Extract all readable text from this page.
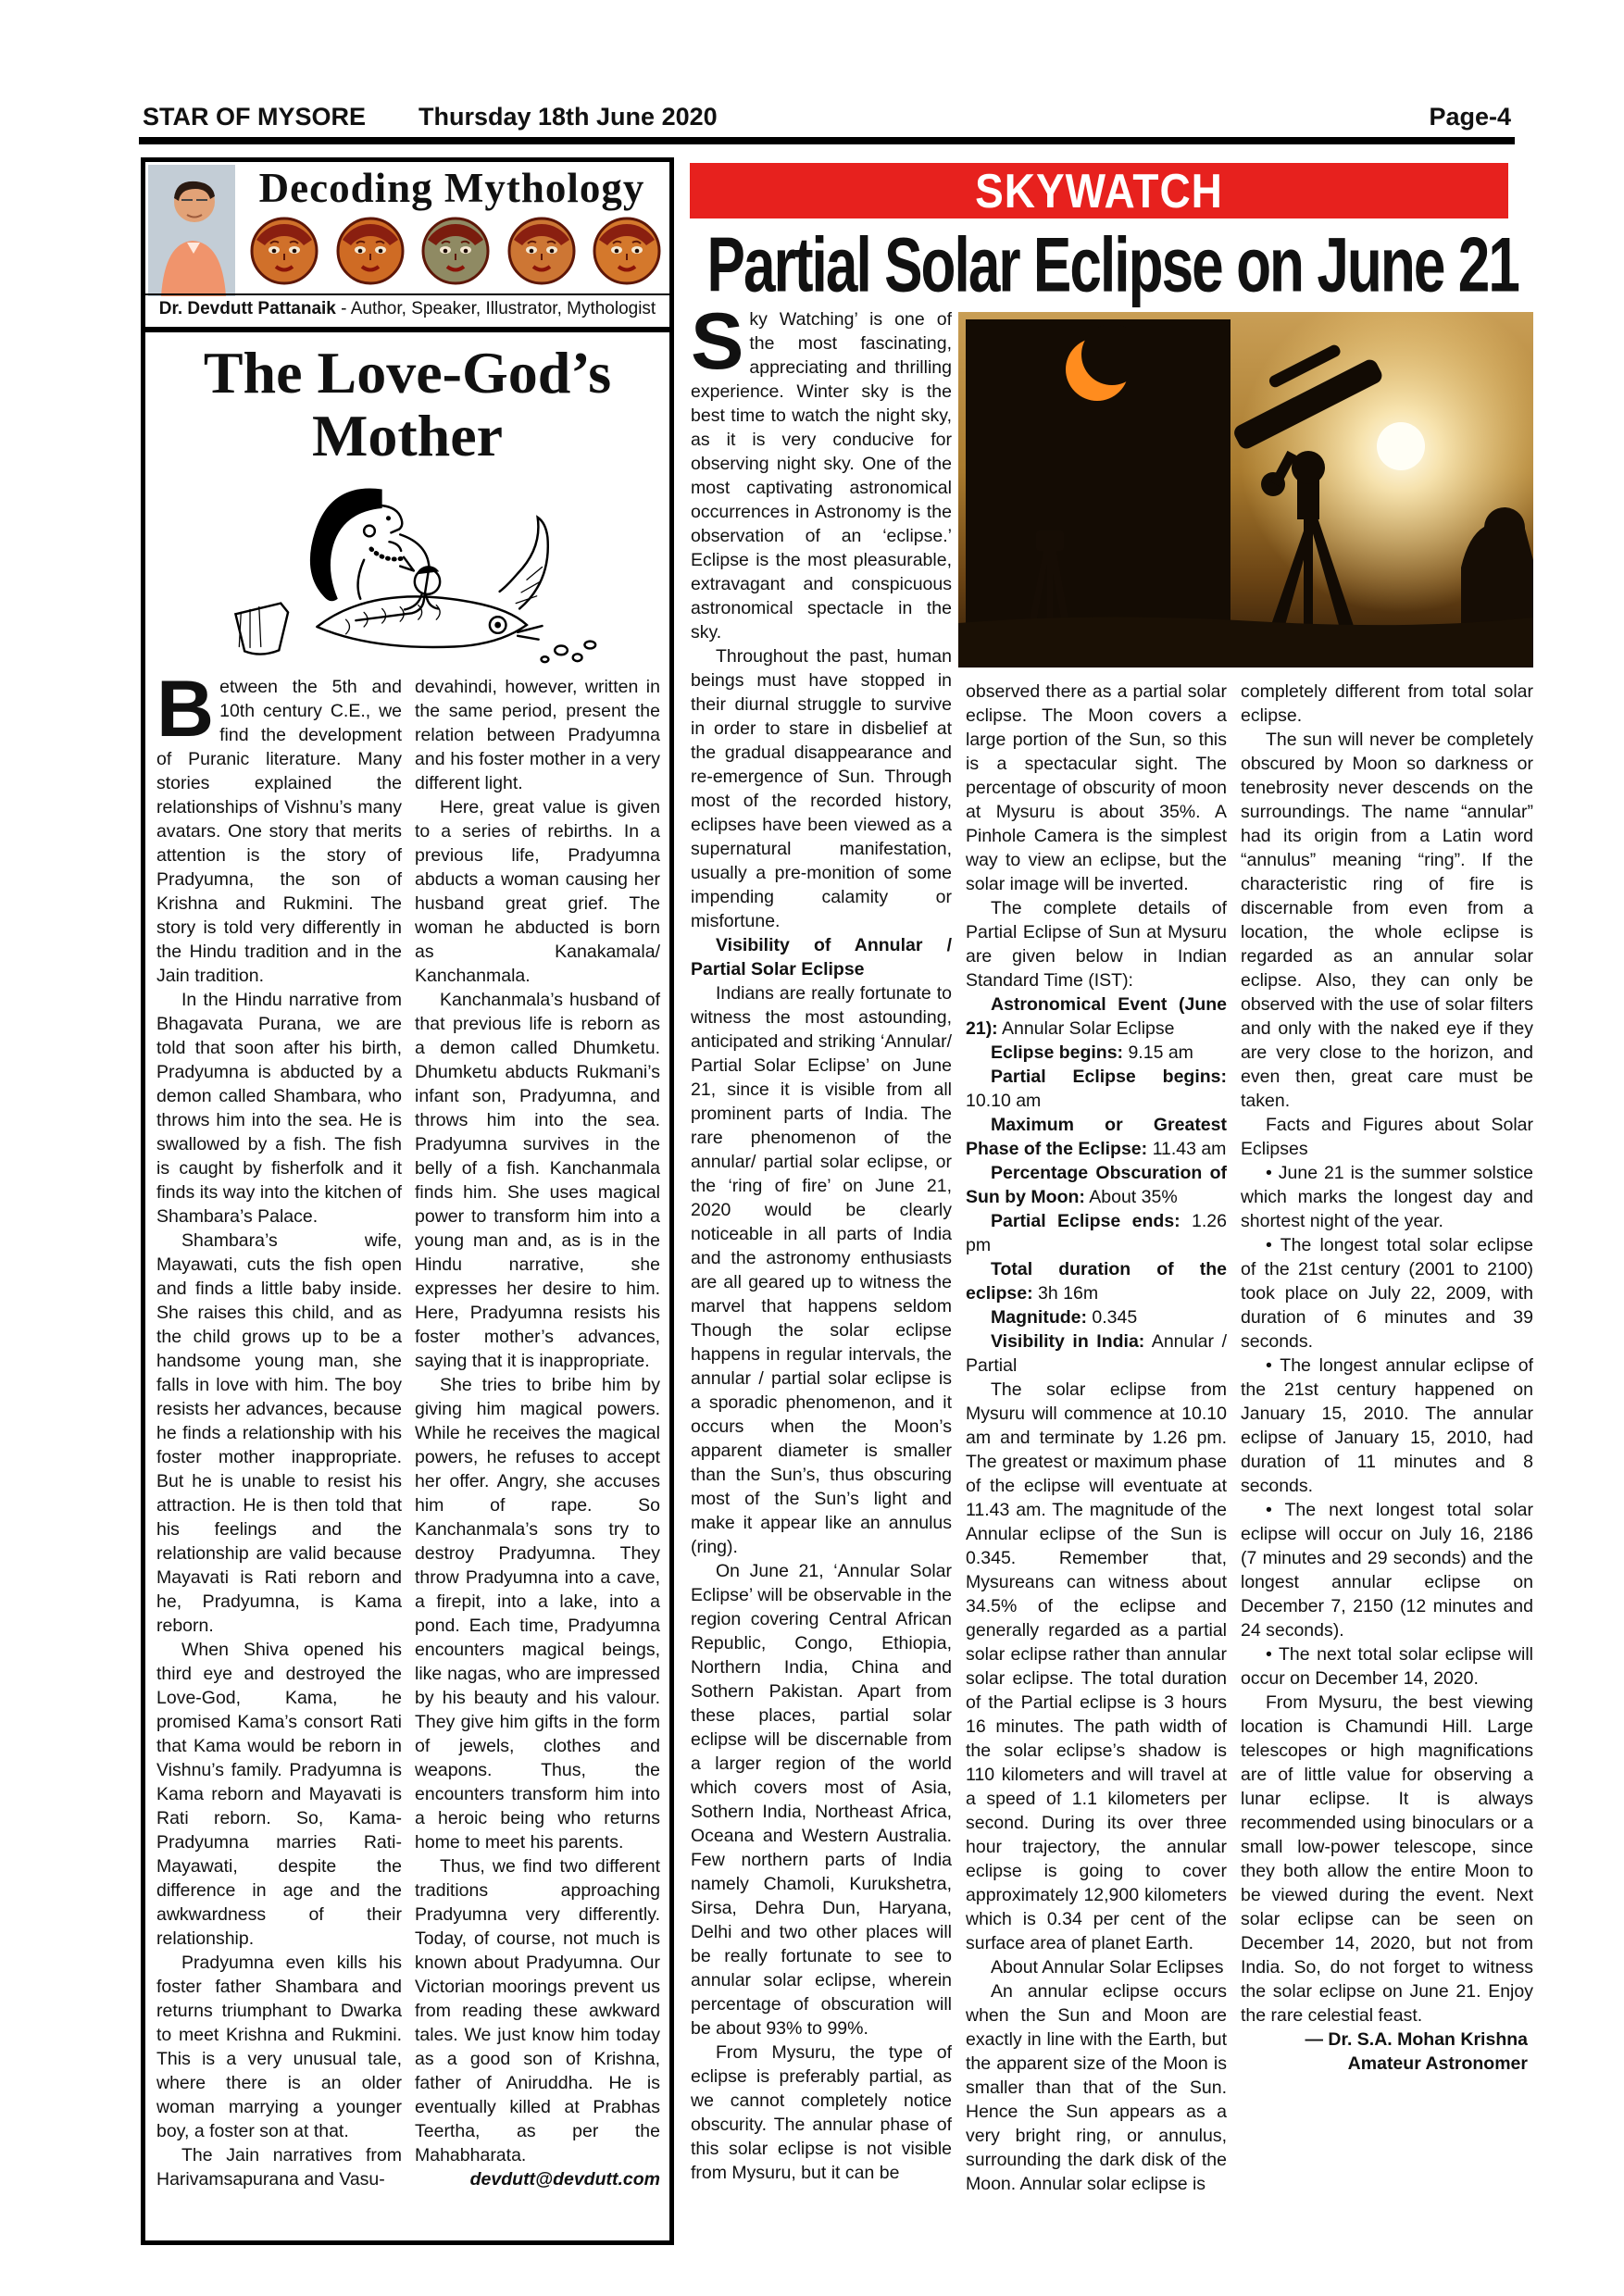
STAR OF MYSORE Thursday 18th June 2020	Page-4
Decoding Mythology
Dr. Devdutt Pattanaik - Author, Speaker, Illustrator, Mythologist
The Love-God’s Mother
Between the 5th and 10th century C.E., we find the development of Puranic literature. Many stories explained the relationships of Vishnu’s many avatars. One story that merits attention is the story of Pradyumna, the son of Krishna and Rukmini. The story is told very differently in the Hindu tradition and in the Jain tradition.
In the Hindu narrative from Bhagavata Purana, we are told that soon after his birth, Pradyumna is abducted by a demon called Shambara, who throws him into the sea. He is swallowed by a fish. The fish is caught by fisherfolk and it finds its way into the kitchen of Shambara’s Palace.
Shambara’s wife, Mayawati, cuts the fish open and finds a little baby inside. She raises this child, and as the child grows up to be a handsome young man, she falls in love with him. The boy resists her advances, because he finds a relationship with his foster mother inappropriate. But he is unable to resist his attraction. He is then told that his feelings and the relationship are valid because Mayavati is Rati reborn and he, Pradyumna, is Kama reborn.
When Shiva opened his third eye and destroyed the Love-God, Kama, he promised Kama’s consort Rati that Kama would be reborn in Vishnu’s family. Pradyumna is Kama reborn and Mayavati is Rati reborn. So, Kama-Pradyumna marries Rati-Mayawati, despite the difference in age and the awkwardness of their relationship.
Pradyumna even kills his foster father Shambara and returns triumphant to Dwarka to meet Krishna and Rukmini. This is a very unusual tale, where there is an older woman marrying a younger boy, a foster son at that.
The Jain narratives from Harivamsapurana and Vasu-
devahindi, however, written in the same period, present the relation between Pradyumna and his foster mother in a very different light.
Here, great value is given to a series of rebirths. In a previous life, Pradyumna abducts a woman causing her husband great grief. The woman he abducted is born as Kanakamala/ Kanchanmala.
Kanchanmala’s husband of that previous life is reborn as a demon called Dhumketu. Dhumketu abducts Rukmani’s infant son, Pradyumna, and throws him into the sea. Pradyumna survives in the belly of a fish. Kanchanmala finds him. She uses magical power to transform him into a young man and, as is in the Hindu narrative, she expresses her desire to him. Here, Pradyumna resists his foster mother’s advances, saying that it is inappropriate.
She tries to bribe him by giving him magical powers. While he receives the magical powers, he refuses to accept her offer. Angry, she accuses him of rape. So Kanchanmala’s sons try to destroy Pradyumna. They throw Pradyumna into a cave, a firepit, into a lake, into a pond. Each time, Pradyumna encounters magical beings, like nagas, who are impressed by his beauty and his valour. They give him gifts in the form of jewels, clothes and weapons. Thus, the encounters transform him into a heroic being who returns home to meet his parents.
Thus, we find two different traditions approaching Pradyumna very differently. Today, of course, not much is known about Pradyumna. Our Victorian moorings prevent us from reading these awkward tales. We just know him today as a good son of Krishna, father of Aniruddha. He is eventually killed at Prabhas Teertha, as per the Mahabharata.
devdutt@devdutt.com
SKYWATCH
Partial Solar Eclipse on June 21
Sky Watching’ is one of the most fascinating, appreciating and thrilling experience. Winter sky is the best time to watch the night sky, as it is very conducive for observing night sky. One of the most captivating astronomical occurrences in Astronomy is the observation of an ‘eclipse.’ Eclipse is the most pleasurable, extravagant and conspicuous astronomical spectacle in the sky.
Throughout the past, human beings must have stopped in their diurnal struggle to survive in order to stare in disbelief at the gradual disappearance and re-emergence of Sun. Through most of the recorded history, eclipses have been viewed as a supernatural manifestation, usually a pre-monition of some impending calamity or misfortune.
Visibility of Annular / Partial Solar Eclipse
Indians are really fortunate to witness the most astounding, anticipated and striking ‘Annular/ Partial Solar Eclipse’ on June 21, since it is visible from all prominent parts of India. The rare phenomenon of the annular/ partial solar eclipse, or the ‘ring of fire’ on June 21, 2020 would be clearly noticeable in all parts of India and the astronomy enthusiasts are all geared up to witness the marvel that happens seldom Though the solar eclipse happens in regular intervals, the annular / partial solar eclipse is a sporadic phenomenon, and it occurs when the Moon’s apparent diameter is smaller than the Sun’s, thus obscuring most of the Sun’s light and make it appear like an annulus (ring).
On June 21, ‘Annular Solar Eclipse’ will be observable in the region covering Central African Republic, Congo, Ethiopia, Northern India, China and Sothern Pakistan. Apart from these places, partial solar eclipse will be discernable from a larger region of the world which covers most of Asia, Sothern India, Northeast Africa, Oceana and Western Australia. Few northern parts of India namely Chamoli, Kurukshetra, Sirsa, Dehra Dun, Haryana, Delhi and two other places will be really fortunate to see to annular solar eclipse, wherein percentage of obscuration will be about 93% to 99%.
From Mysuru, the type of eclipse is preferably partial, as we cannot completely notice obscurity. The annular phase of this solar eclipse is not visible from Mysuru, but it can be
observed there as a partial solar eclipse. The Moon covers a large portion of the Sun, so this is a spectacular sight. The percentage of obscurity of moon at Mysuru is about 35%. A Pinhole Camera is the simplest way to view an eclipse, but the solar image will be inverted.
The complete details of Partial Eclipse of Sun at Mysuru are given below in Indian Standard Time (IST):
Astronomical Event (June 21): Annular Solar Eclipse
Eclipse begins: 9.15 am
Partial Eclipse begins: 10.10 am
Maximum or Greatest Phase of the Eclipse: 11.43 am
Percentage Obscuration of Sun by Moon: About 35%
Partial Eclipse ends: 1.26 pm
Total duration of the eclipse: 3h 16m
Magnitude: 0.345
Visibility in India: Annular / Partial
The solar eclipse from Mysuru will commence at 10.10 am and terminate by 1.26 pm. The greatest or maximum phase of the eclipse will eventuate at 11.43 am. The magnitude of the Annular eclipse of the Sun is 0.345. Remember that, Mysureans can witness about 34.5% of the eclipse and generally regarded as a partial solar eclipse rather than annular solar eclipse. The total duration of the Partial eclipse is 3 hours 16 minutes. The path width of the solar eclipse’s shadow is 110 kilometers and will travel at a speed of 1.1 kilometers per second. During its over three hour trajectory, the annular eclipse is going to cover approximately 12,900 kilometers which is 0.34 per cent of the surface area of planet Earth.
About Annular Solar Eclipses
An annular eclipse occurs when the Sun and Moon are exactly in line with the Earth, but the apparent size of the Moon is smaller than that of the Sun. Hence the Sun appears as a very bright ring, or annulus, surrounding the dark disk of the Moon. Annular solar eclipse is
completely different from total solar eclipse.
The sun will never be completely obscured by Moon so darkness or tenebrosity never descends on the surroundings. The name “annular” had its origin from a Latin word “annulus” meaning “ring”. If the characteristic ring of fire is discernable from even from a location, the whole eclipse is regarded as an annular solar eclipse. Also, they can only be observed with the use of solar filters and only with the naked eye if they are very close to the horizon, and even then, great care must be taken.
Facts and Figures about Solar Eclipses
• June 21 is the summer solstice which marks the longest day and shortest night of the year.
• The longest total solar eclipse of the 21st century (2001 to 2100) took place on July 22, 2009, with duration of 6 minutes and 39 seconds.
• The longest annular eclipse of the 21st century happened on January 15, 2010. The annular eclipse of January 15, 2010, had duration of 11 minutes and 8 seconds.
• The next longest total solar eclipse will occur on July 16, 2186 (7 minutes and 29 seconds) and the longest annular eclipse on December 7, 2150 (12 minutes and 24 seconds).
• The next total solar eclipse will occur on December 14, 2020.
From Mysuru, the best viewing location is Chamundi Hill. Large telescopes or high magnifications are of little value for observing a lunar eclipse. It is always recommended using binoculars or a small low-power telescope, since they both allow the entire Moon to be viewed during the event. Next solar eclipse can be seen on December 14, 2020, but not from India. So, do not forget to witness the solar eclipse on June 21. Enjoy the rare celestial feast.
— Dr. S.A. Mohan Krishna
Amateur Astronomer
